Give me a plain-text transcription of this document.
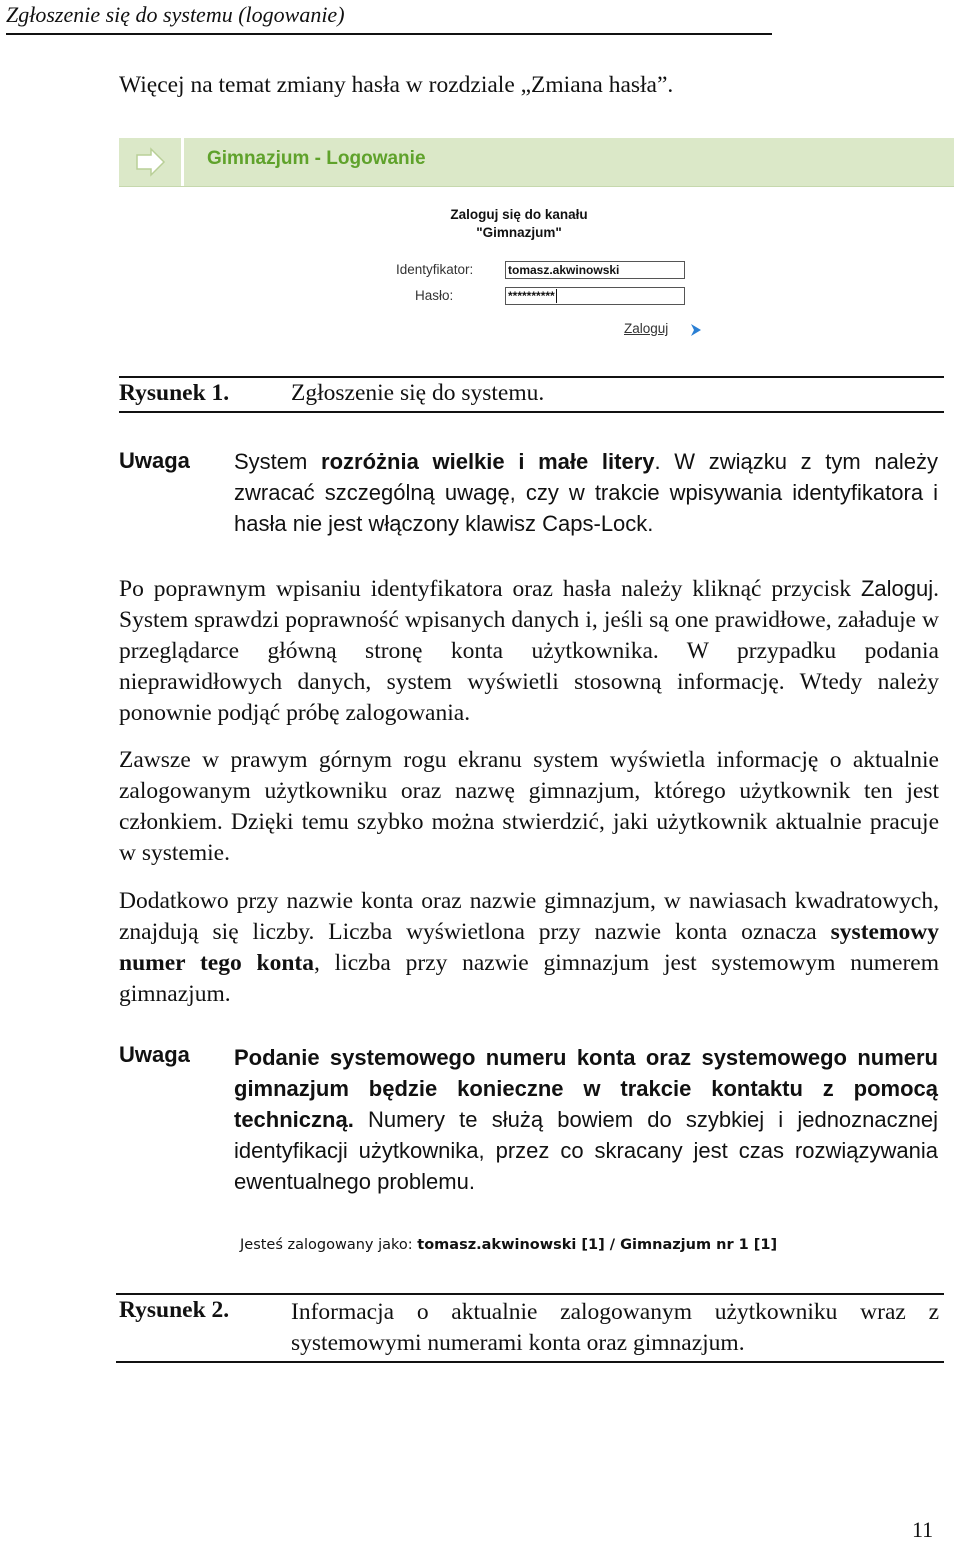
Zgłoszenie się do systemu (logowanie)
Więcej na temat zmiany hasła w rozdziale „Zmiana hasła”.
Gimnazjum - Logowanie
Zaloguj się do kanału
"Gimnazjum"
Identyfikator:	tomasz.akwinowski
Hasło:	**********
Zaloguj
Rysunek 1.	Zgłoszenie się do systemu.
Uwaga System rozróżnia wielkie i małe litery. W związku z tym należy zwracać szczególną uwagę, czy w trakcie wpisywania identyfikatora i hasła nie jest włączony klawisz Caps-Lock.
Po poprawnym wpisaniu identyfikatora oraz hasła należy kliknąć przycisk Zaloguj. System sprawdzi poprawność wpisanych danych i, jeśli są one prawidłowe, załaduje w przeglądarce główną stronę konta użytkownika. W przypadku podania nieprawidłowych danych, system wyświetli stosowną informację. Wtedy należy ponownie podjąć próbę zalogowania.
Zawsze w prawym górnym rogu ekranu system wyświetla informację o aktualnie zalogowanym użytkowniku oraz nazwę gimnazjum, którego użytkownik ten jest członkiem. Dzięki temu szybko można stwierdzić, jaki użytkownik aktualnie pracuje w systemie.
Dodatkowo przy nazwie konta oraz nazwie gimnazjum, w nawiasach kwadratowych, znajdują się liczby. Liczba wyświetlona przy nazwie konta oznacza systemowy numer tego konta, liczba przy nazwie gimnazjum jest systemowym numerem gimnazjum.
Uwaga Podanie systemowego numeru konta oraz systemowego numeru gimnazjum będzie konieczne w trakcie kontaktu z pomocą techniczną. Numery te służą bowiem do szybkiej i jednoznacznej identyfikacji użytkownika, przez co skracany jest czas rozwiązywania ewentualnego problemu.
Jesteś zalogowany jako: tomasz.akwinowski [1] / Gimnazjum nr 1 [1]
Rysunek 2.	Informacja o aktualnie zalogowanym użytkowniku wraz z systemowymi numerami konta oraz gimnazjum.
11
